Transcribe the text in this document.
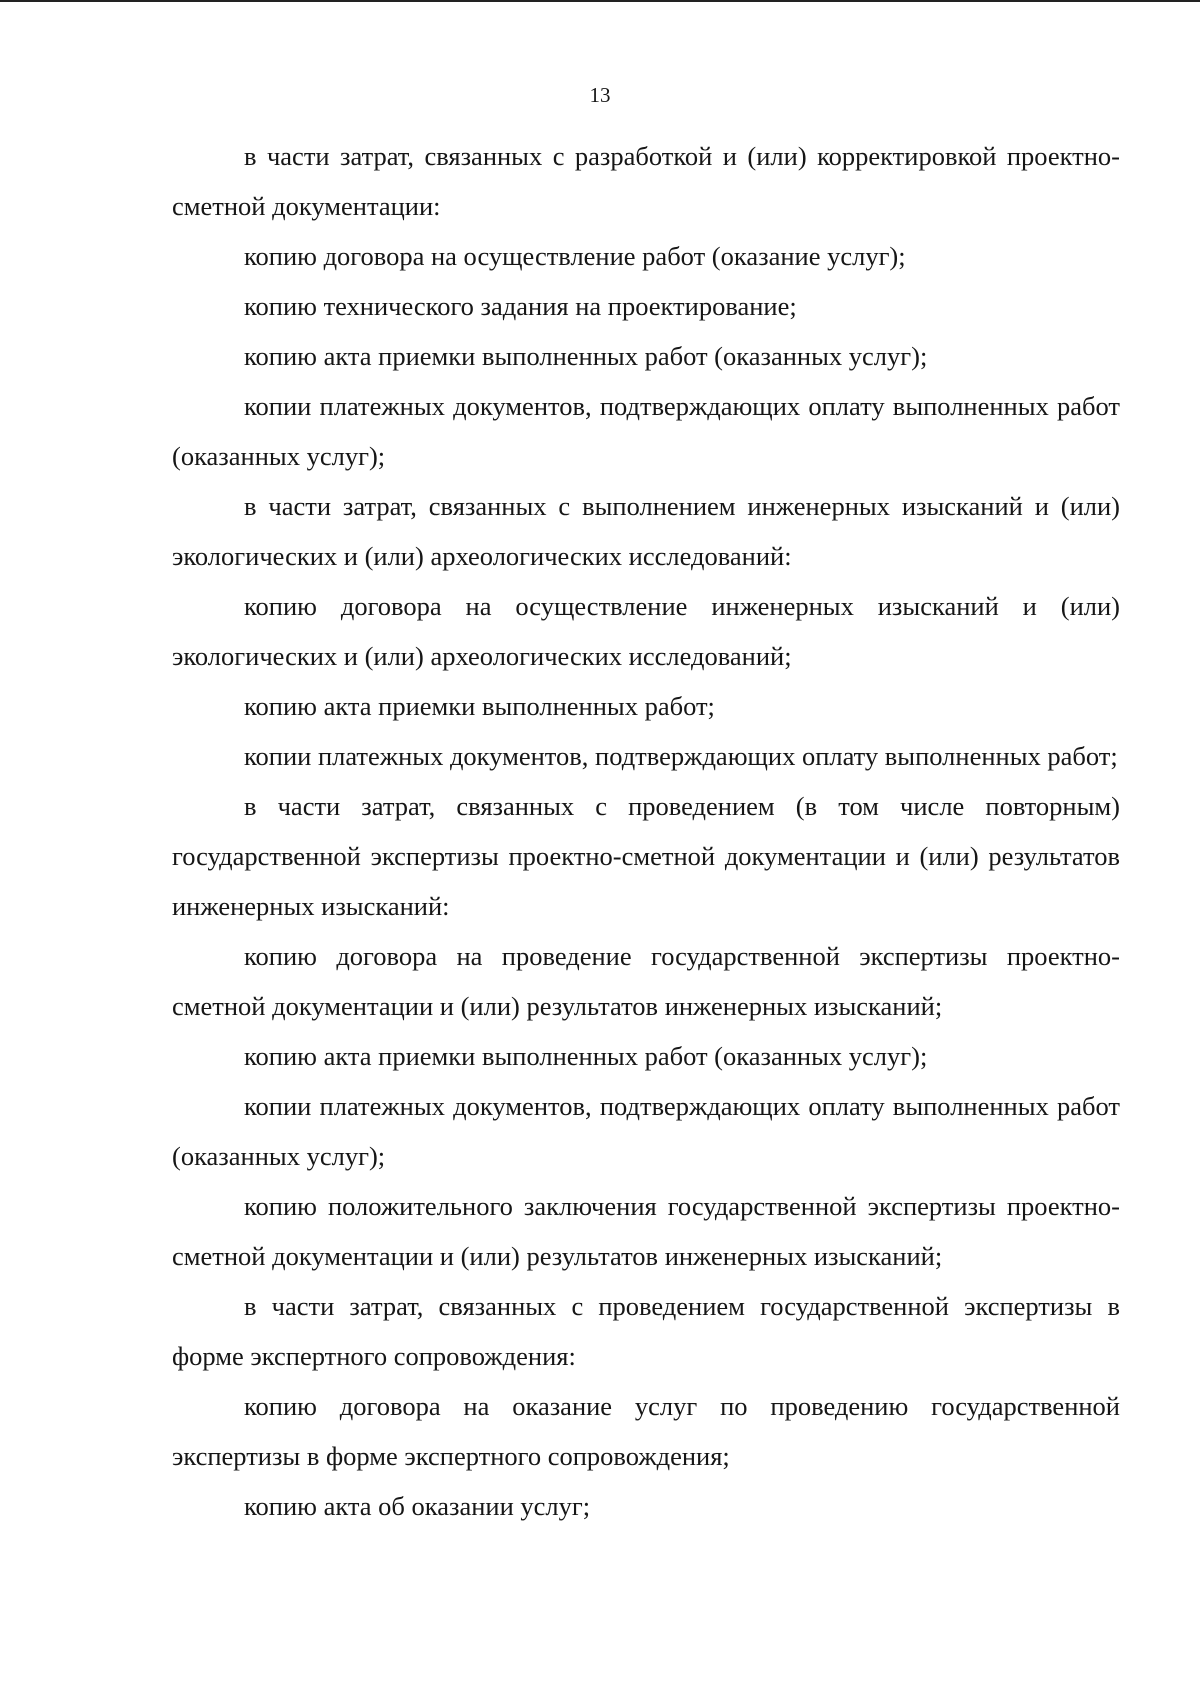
13

в части затрат, связанных с разработкой и (или) корректировкой проектно-сметной документации:

копию договора на осуществление работ (оказание услуг);

копию технического задания на проектирование;

копию акта приемки выполненных работ (оказанных услуг);

копии платежных документов, подтверждающих оплату выполненных работ (оказанных услуг);

в части затрат, связанных с выполнением инженерных изысканий и (или) экологических и (или) археологических исследований:

копию договора на осуществление инженерных изысканий и (или) экологических и (или) археологических исследований;

копию акта приемки выполненных работ;

копии платежных документов, подтверждающих оплату выполненных работ;

в части затрат, связанных с проведением (в том числе повторным) государственной экспертизы проектно-сметной документации и (или) результатов инженерных изысканий:

копию договора на проведение государственной экспертизы проектно-сметной документации и (или) результатов инженерных изысканий;

копию акта приемки выполненных работ (оказанных услуг);

копии платежных документов, подтверждающих оплату выполненных работ (оказанных услуг);

копию положительного заключения государственной экспертизы проектно-сметной документации и (или) результатов инженерных изысканий;

в части затрат, связанных с проведением государственной экспертизы в форме экспертного сопровождения:

копию договора на оказание услуг по проведению государственной экспертизы в форме экспертного сопровождения;

копию акта об оказании услуг;
